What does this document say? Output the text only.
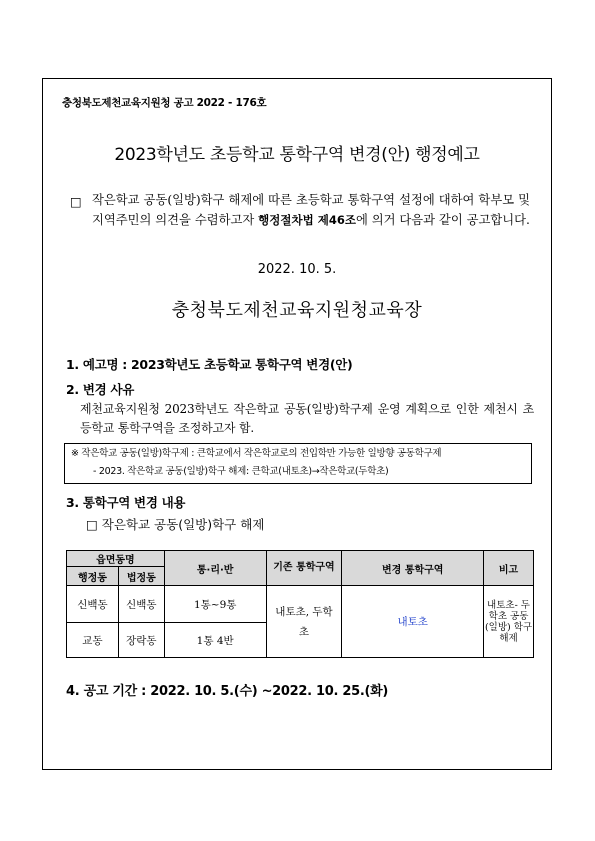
충청북도제천교육지원청 공고 2022 - 176호
2023학년도 초등학교 통학구역 변경(안) 행정예고
□ 작은학교 공동(일방)학구 해제에 따른 초등학교 통학구역 설정에 대하여 학부모 및 지역주민의 의견을 수렴하고자 행정절차법 제46조에 의거 다음과 같이 공고합니다.

2022. 10. 5.
충청북도제천교육지원청교육장
1. 예고명 : 2023학년도 초등학교 통학구역 변경(안)
2. 변경 사유
제천교육지원청 2023학년도 작은학교 공동(일방)학구제 운영 계획으로 인한 제천시 초등학교 통학구역을 조정하고자 함.
※ 작은학교 공동(일방)학구제 : 큰학교에서 작은학교로의 전입학만 가능한 일방향 공동학구제
- 2023. 작은학교 공동(일방)학구 해제: 큰학교(내토초)→작은학교(두학초)
3. 통학구역 변경 내용
□ 작은학교 공동(일방)학구 해제
읍면동명		통·리·반	기존 통학구역	변경 통학구역	비고
행정동	법정동				
신백동	신백동	1통~9통	내토초, 두학초	내토초	내토초- 두학초 공동(일방) 학구 해제
교동	장락동	1통 4반			
4. 공고 기간 : 2022. 10. 5.(수) ~2022. 10. 25.(화)
